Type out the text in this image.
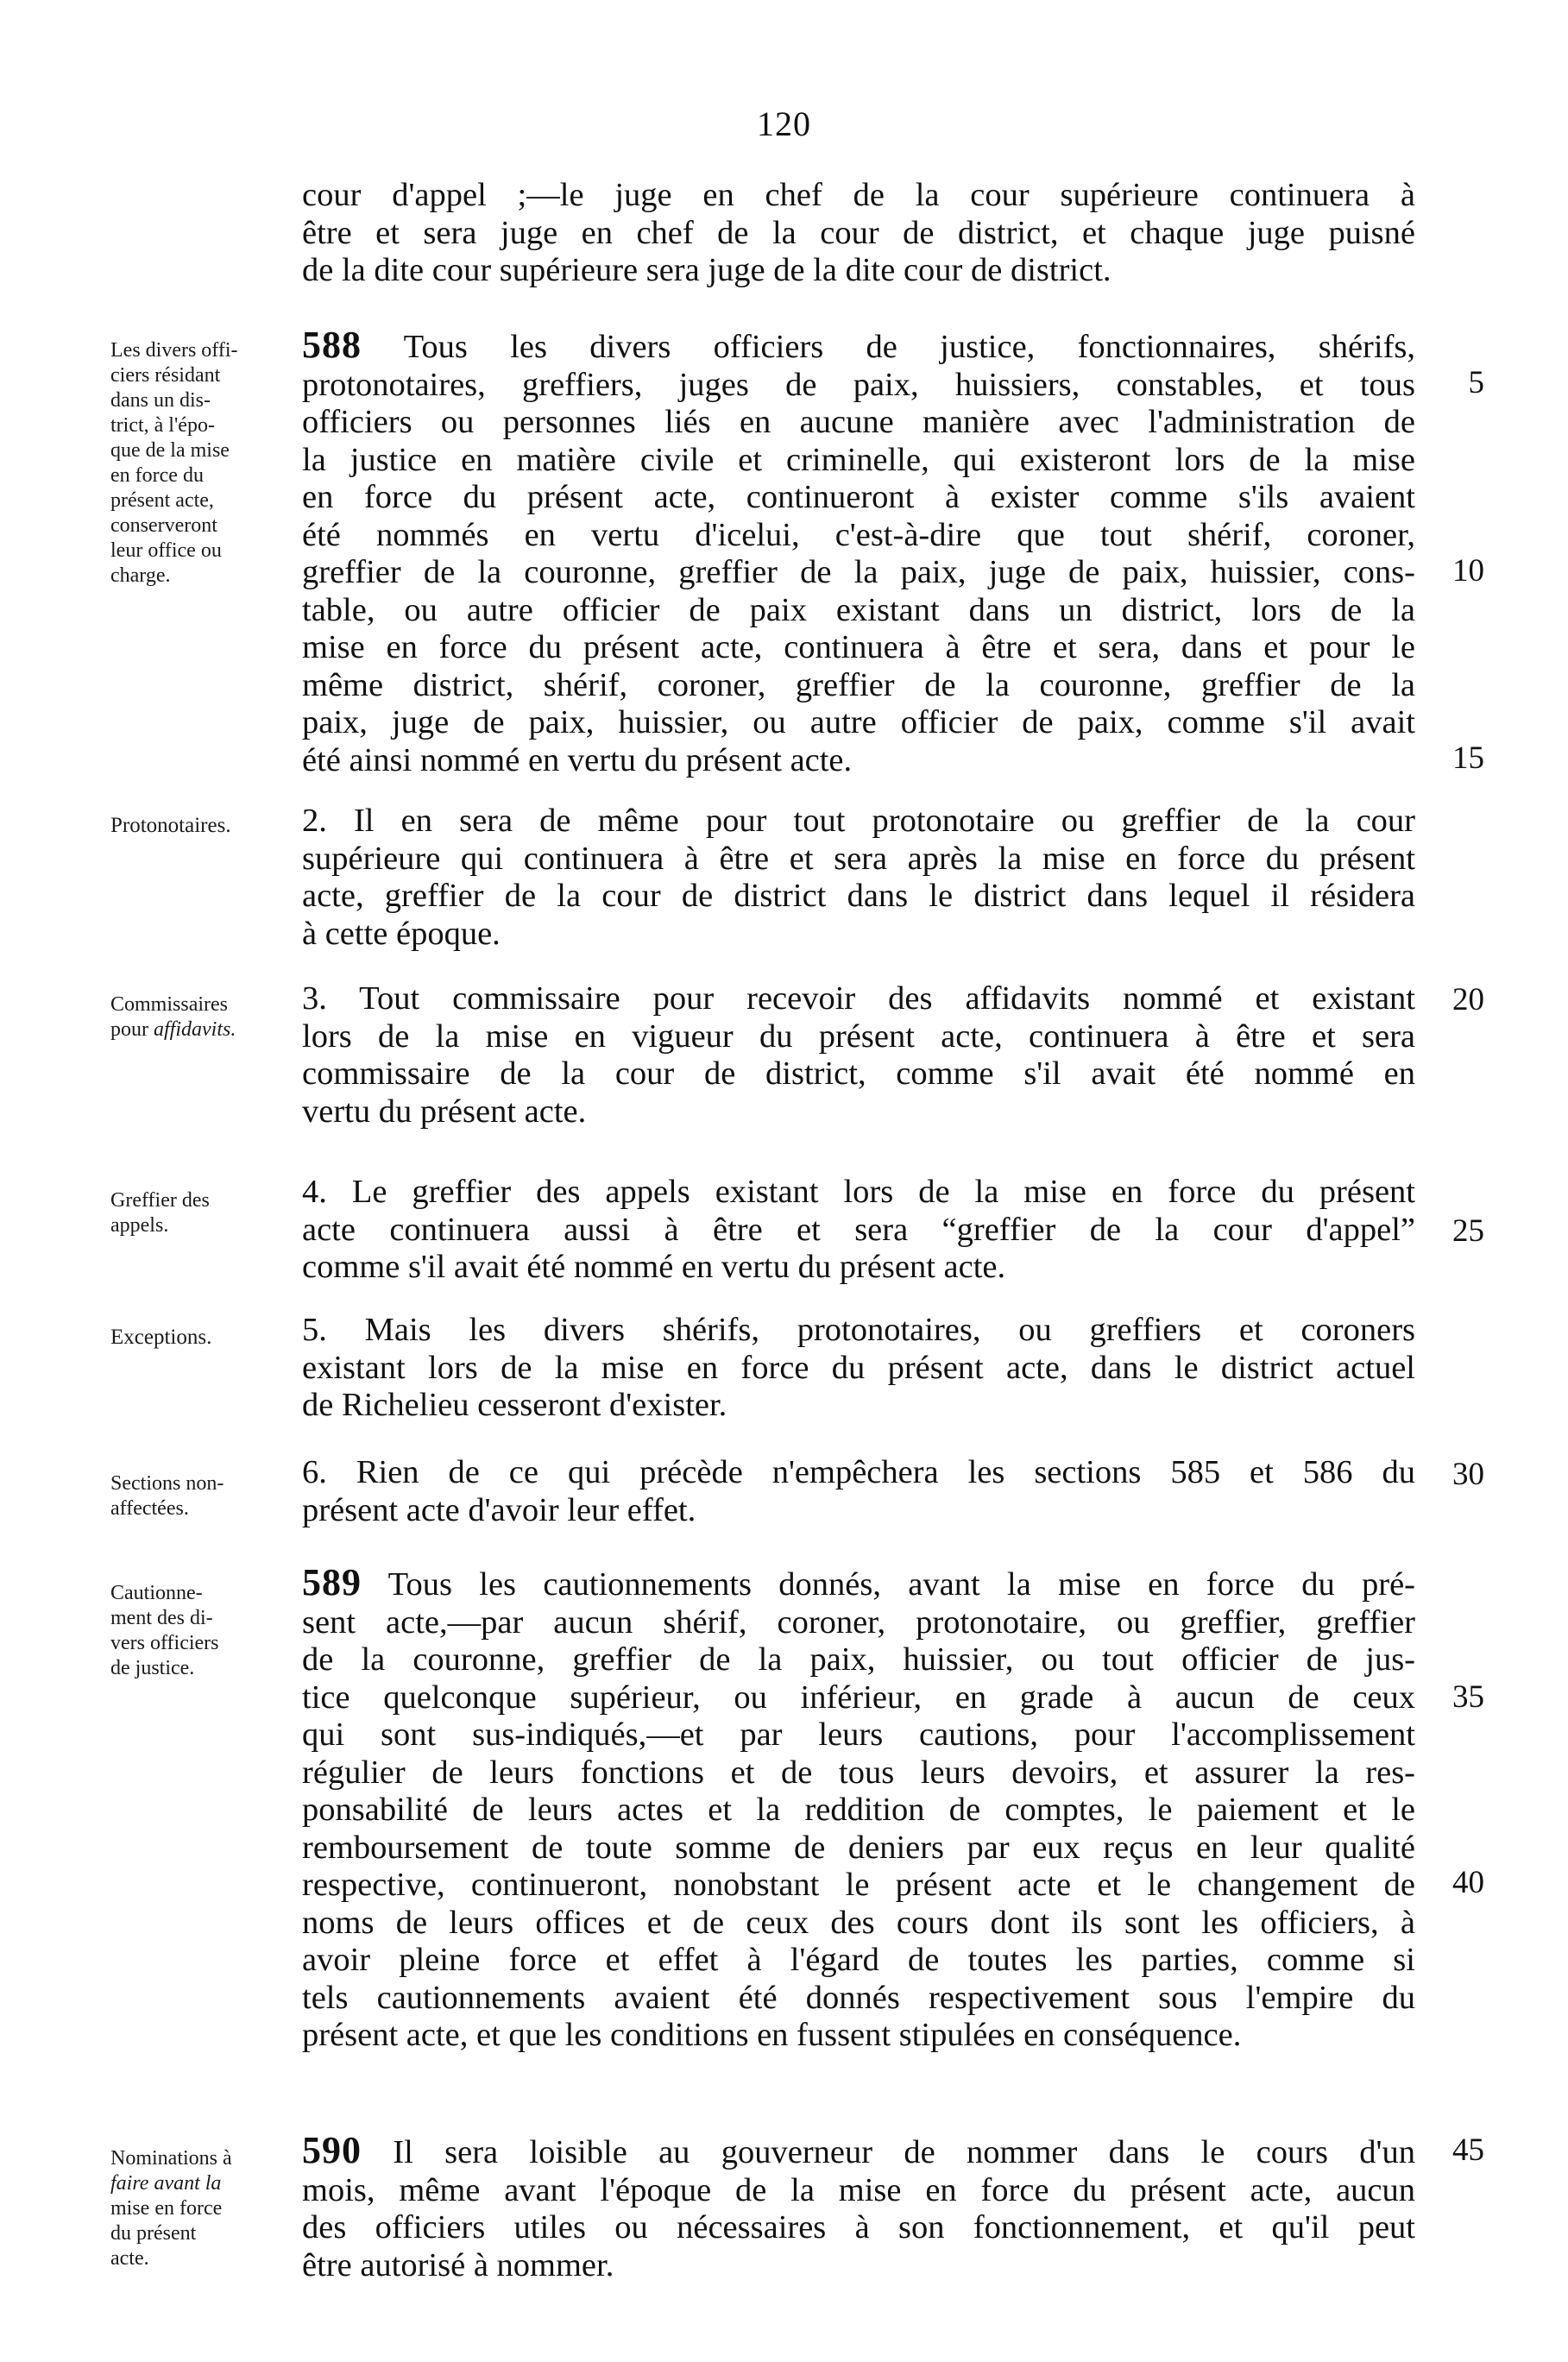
120
cour d'appel ;—le juge en chef de la cour supérieure continuera à
être et sera juge en chef de la cour de district, et chaque juge puisné
de la dite cour supérieure sera juge de la dite cour de district.
Les divers offi-
ciers résidant
dans un dis-
trict, à l'épo-
que de la mise
en force du
présent acte,
conserveront
leur office ou
charge.
588 Tous les divers officiers de justice, fonctionnaires, shérifs,
protonotaires, greffiers, juges de paix, huissiers, constables, et tous
officiers ou personnes liés en aucune manière avec l'administration de
la justice en matière civile et criminelle, qui existeront lors de la mise
en force du présent acte, continueront à exister comme s'ils avaient
été nommés en vertu d'icelui, c'est-à-dire que tout shérif, coroner,
greffier de la couronne, greffier de la paix, juge de paix, huissier, cons-
table, ou autre officier de paix existant dans un district, lors de la
mise en force du présent acte, continuera à être et sera, dans et pour le
même district, shérif, coroner, greffier de la couronne, greffier de la
paix, juge de paix, huissier, ou autre officier de paix, comme s'il avait
été ainsi nommé en vertu du présent acte.
Protonotaires.	2. Il en sera de même pour tout protonotaire ou greffier de la cour
supérieure qui continuera à être et sera après la mise en force du présent
acte, greffier de la cour de district dans le district dans lequel il résidera
à cette époque.
Commissaires
pour affidavits.
3. Tout commissaire pour recevoir des affidavits nommé et existant
lors de la mise en vigueur du présent acte, continuera à être et sera
commissaire de la cour de district, comme s'il avait été nommé en
vertu du présent acte.
Greffier des
appels.
4. Le greffier des appels existant lors de la mise en force du présent
acte continuera aussi à être et sera “greffier de la cour d'appel”
comme s'il avait été nommé en vertu du présent acte.
Exceptions.	5. Mais les divers shérifs, protonotaires, ou greffiers et coroners
existant lors de la mise en force du présent acte, dans le district actuel
de Richelieu cesseront d'exister.
Sections non-
affectées.
6. Rien de ce qui précède n'empêchera les sections 585 et 586 du
présent acte d'avoir leur effet.
Cautionne-
ment des di-
vers officiers
de justice.
589 Tous les cautionnements donnés, avant la mise en force du pré-
sent acte,—par aucun shérif, coroner, protonotaire, ou greffier, greffier
de la couronne, greffier de la paix, huissier, ou tout officier de jus-
tice quelconque supérieur, ou inférieur, en grade à aucun de ceux
qui sont sus-indiqués,—et par leurs cautions, pour l'accomplissement
régulier de leurs fonctions et de tous leurs devoirs, et assurer la res-
ponsabilité de leurs actes et la reddition de comptes, le paiement et le
remboursement de toute somme de deniers par eux reçus en leur qualité
respective, continueront, nonobstant le présent acte et le changement de
noms de leurs offices et de ceux des cours dont ils sont les officiers, à
avoir pleine force et effet à l'égard de toutes les parties, comme si
tels cautionnements avaient été donnés respectivement sous l'empire du
présent acte, et que les conditions en fussent stipulées en conséquence.
Nominations à
faire avant la
mise en force
du présent
acte.
590 Il sera loisible au gouverneur de nommer dans le cours d'un
mois, même avant l'époque de la mise en force du présent acte, aucun
des officiers utiles ou nécessaires à son fonctionnement, et qu'il peut
être autorisé à nommer.
5
10
15
20
25
30
35
40
45
